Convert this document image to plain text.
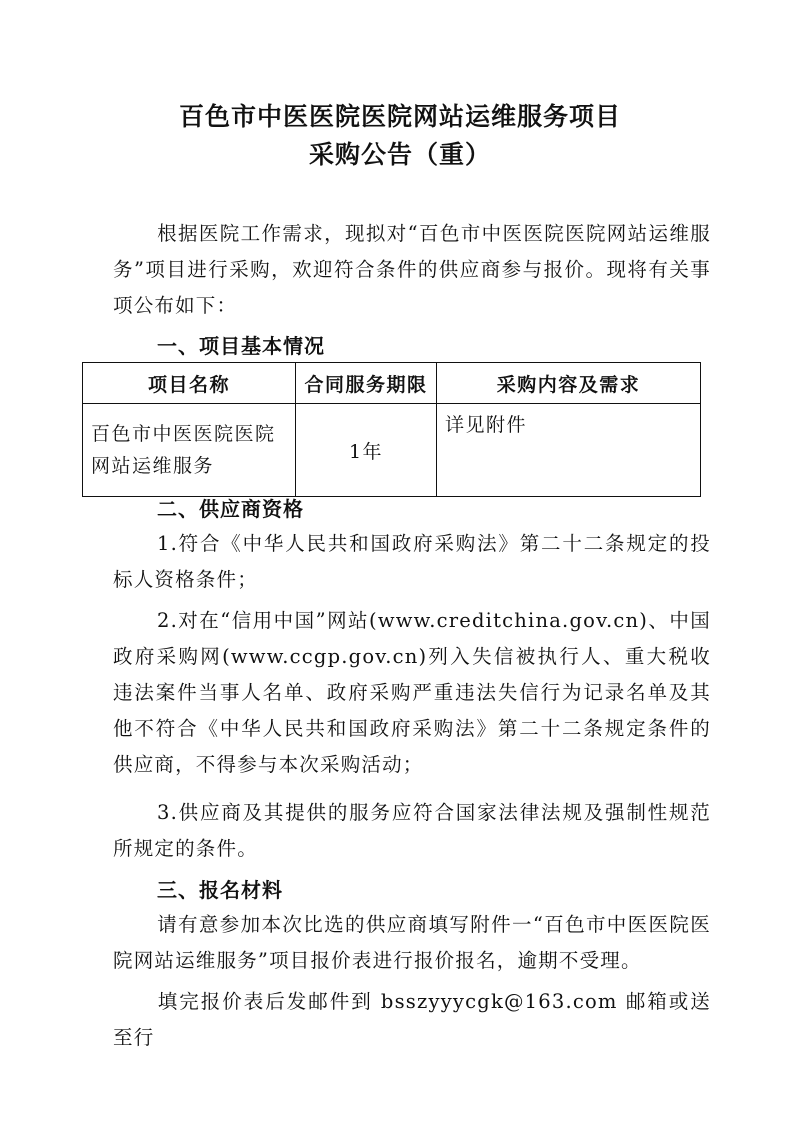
百色市中医医院医院网站运维服务项目
采购公告（重）

根据医院工作需求，现拟对“百色市中医医院医院网站运维服务”项目进行采购，欢迎符合条件的供应商参与报价。现将有关事项公布如下：

一、项目基本情况
项目名称	合同服务期限	采购内容及需求
百色市中医医院医院网站运维服务	1年	详见附件
二、供应商资格

1.符合《中华人民共和国政府采购法》第二十二条规定的投标人资格条件；

2.对在“信用中国”网站(www.creditchina.gov.cn)、中国政府采购网(www.ccgp.gov.cn)列入失信被执行人、重大税收违法案件当事人名单、政府采购严重违法失信行为记录名单及其他不符合《中华人民共和国政府采购法》第二十二条规定条件的供应商，不得参与本次采购活动；

3.供应商及其提供的服务应符合国家法律法规及强制性规范所规定的条件。

三、报名材料

请有意参加本次比选的供应商填写附件一“百色市中医医院医院网站运维服务”项目报价表进行报价报名，逾期不受理。

填完报价表后发邮件到 bsszyyycgk@163.com 邮箱或送至行
